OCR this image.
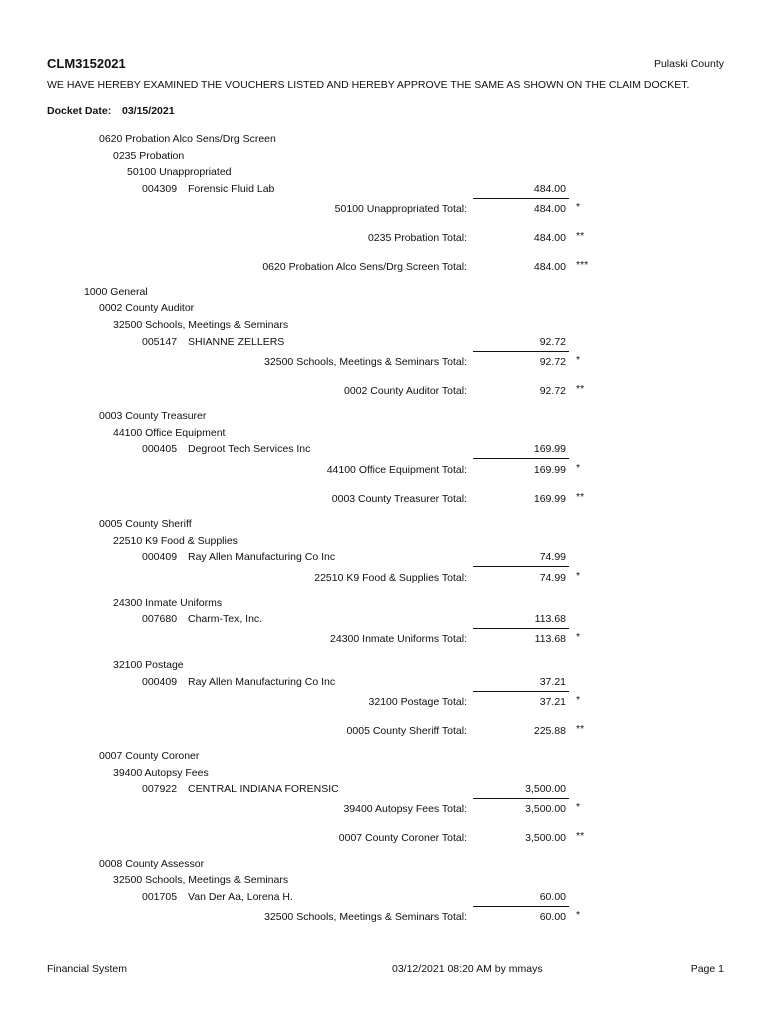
CLM3152021	Pulaski County
WE HAVE HEREBY EXAMINED THE VOUCHERS LISTED AND HEREBY APPROVE THE SAME AS SHOWN ON THE CLAIM DOCKET.
Docket Date: 03/15/2021
0620 Probation Alco Sens/Drg Screen
0235 Probation
50100 Unappropriated
004309 Forensic Fluid Lab	484.00
50100 Unappropriated Total:	484.00 *
0235 Probation Total:	484.00 **
0620 Probation Alco Sens/Drg Screen Total:	484.00 ***
1000 General
0002 County Auditor
32500 Schools, Meetings & Seminars
005147 SHIANNE ZELLERS	92.72
32500 Schools, Meetings & Seminars Total:	92.72 *
0002 County Auditor Total:	92.72 **
0003 County Treasurer
44100 Office Equipment
000405 Degroot Tech Services Inc	169.99
44100 Office Equipment Total:	169.99 *
0003 County Treasurer Total:	169.99 **
0005 County Sheriff
22510 K9 Food & Supplies
000409 Ray Allen Manufacturing Co Inc	74.99
22510 K9 Food & Supplies Total:	74.99 *
24300 Inmate Uniforms
007680 Charm-Tex, Inc.	113.68
24300 Inmate Uniforms Total:	113.68 *
32100 Postage
000409 Ray Allen Manufacturing Co Inc	37.21
32100 Postage Total:	37.21 *
0005 County Sheriff Total:	225.88 **
0007 County Coroner
39400 Autopsy Fees
007922 CENTRAL INDIANA FORENSIC	3,500.00
39400 Autopsy Fees Total:	3,500.00 *
0007 County Coroner Total:	3,500.00 **
0008 County Assessor
32500 Schools, Meetings & Seminars
001705 Van Der Aa, Lorena H.	60.00
32500 Schools, Meetings & Seminars Total:	60.00 *
Financial System	03/12/2021 08:20 AM by mmays	Page 1
